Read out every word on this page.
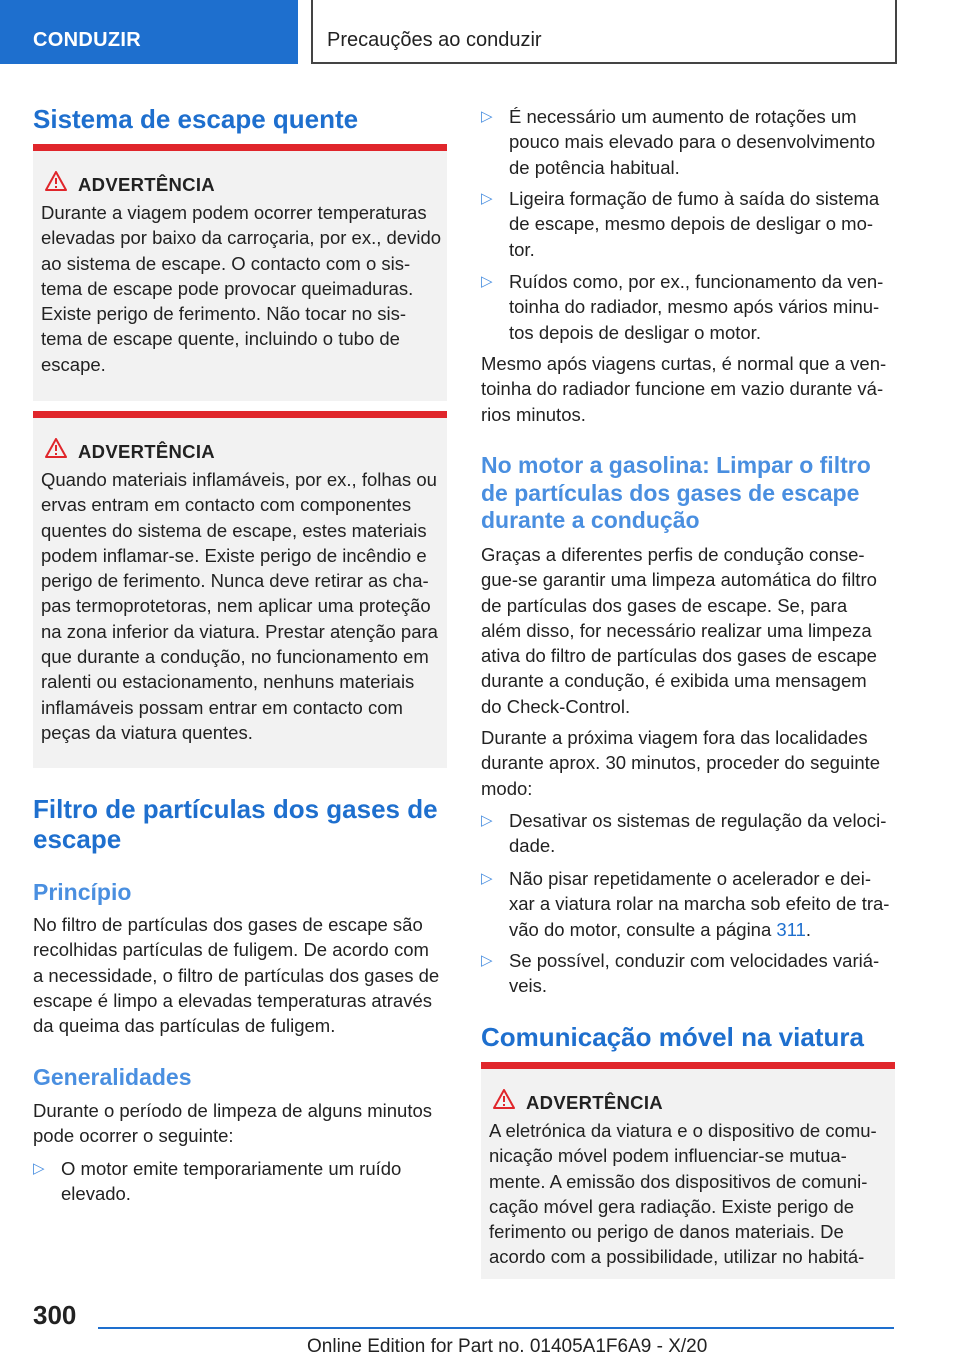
CONDUZIR	Precauções ao conduzir
Sistema de escape quente
ADVERTÊNCIA
Durante a viagem podem ocorrer temperaturas
elevadas por baixo da carroçaria, por ex., devido
ao sistema de escape. O contacto com o sis-
tema de escape pode provocar queimaduras.
Existe perigo de ferimento. Não tocar no sis-
tema de escape quente, incluindo o tubo de
escape.
ADVERTÊNCIA
Quando materiais inflamáveis, por ex., folhas ou
ervas entram em contacto com componentes
quentes do sistema de escape, estes materiais
podem inflamar-se. Existe perigo de incêndio e
perigo de ferimento. Nunca deve retirar as cha-
pas termoprotetoras, nem aplicar uma proteção
na zona inferior da viatura. Prestar atenção para
que durante a condução, no funcionamento em
ralenti ou estacionamento, nenhuns materiais
inflamáveis possam entrar em contacto com
peças da viatura quentes.
Filtro de partículas dos gases de
escape
Princípio
No filtro de partículas dos gases de escape são
recolhidas partículas de fuligem. De acordo com
a necessidade, o filtro de partículas dos gases de
escape é limpo a elevadas temperaturas através
da queima das partículas de fuligem.
Generalidades
Durante o período de limpeza de alguns minutos
pode ocorrer o seguinte:
▷ O motor emite temporariamente um ruído
elevado.
▷ É necessário um aumento de rotações um
pouco mais elevado para o desenvolvimento
de potência habitual.
▷ Ligeira formação de fumo à saída do sistema
de escape, mesmo depois de desligar o mo-
tor.
▷ Ruídos como, por ex., funcionamento da ven-
toinha do radiador, mesmo após vários minu-
tos depois de desligar o motor.
Mesmo após viagens curtas, é normal que a ven-
toinha do radiador funcione em vazio durante vá-
rios minutos.
No motor a gasolina: Limpar o filtro
de partículas dos gases de escape
durante a condução
Graças a diferentes perfis de condução conse-
gue-se garantir uma limpeza automática do filtro
de partículas dos gases de escape. Se, para
além disso, for necessário realizar uma limpeza
ativa do filtro de partículas dos gases de escape
durante a condução, é exibida uma mensagem
do Check-Control.
Durante a próxima viagem fora das localidades
durante aprox. 30 minutos, proceder do seguinte
modo:
▷ Desativar os sistemas de regulação da veloci-
dade.
▷ Não pisar repetidamente o acelerador e dei-
xar a viatura rolar na marcha sob efeito de tra-
vão do motor, consulte a página 311.
▷ Se possível, conduzir com velocidades variá-
veis.
Comunicação móvel na viatura
ADVERTÊNCIA
A eletrónica da viatura e o dispositivo de comu-
nicação móvel podem influenciar-se mutua-
mente. A emissão dos dispositivos de comuni-
cação móvel gera radiação. Existe perigo de
ferimento ou perigo de danos materiais. De
acordo com a possibilidade, utilizar no habitá-
300
Online Edition for Part no. 01405A1F6A9 - X/20
